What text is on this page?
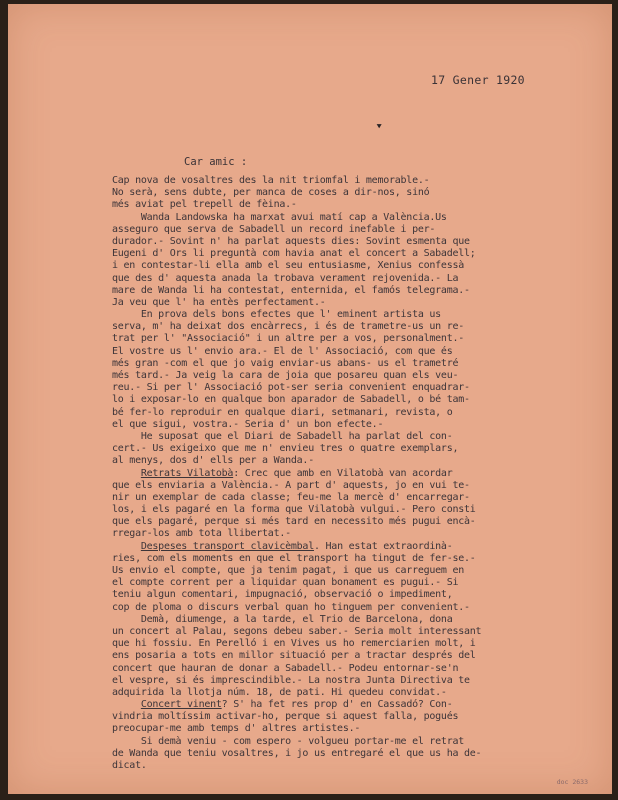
17 Gener 1920
▼
Car amic :
Cap nova de vosaltres des la nit triomfal i memorable.-
No serà, sens dubte, per manca de coses a dir-nos, sinó
més aviat pel trepell de fèina.-
Wanda Landowska ha marxat avui matí cap a València.Us
asseguro que serva de Sabadell un record inefable i per-
durador.- Sovint n' ha parlat aquests dies: Sovint esmenta que
Eugeni d' Ors li preguntà com havia anat el concert a Sabadell;
i en contestar-li ella amb el seu entusiasme, Xenius confessà
que des d' aquesta anada la trobava verament rejovenida.- La
mare de Wanda li ha contestat, enternida, el famós telegrama.-
Ja veu que l' ha entès perfectament.-
En prova dels bons efectes que l' eminent artista us
serva, m' ha deixat dos encàrrecs, i és de trametre-us un re-
trat per l' "Associació" i un altre per a vos, personalment.-
El vostre us l' envio ara.- El de l' Associació, com que és
més gran -com el que jo vaig enviar-us abans- us el trametré
més tard.- Ja veig la cara de joia que posareu quan els veu-
reu.- Si per l' Associació pot-ser seria convenient enquadrar-
lo i exposar-lo en qualque bon aparador de Sabadell, o bé tam-
bé fer-lo reproduir en qualque diari, setmanari, revista, o
el que sigui, vostra.- Seria d' un bon efecte.-
He suposat que el Diari de Sabadell ha parlat del con-
cert.- Us exigeixo que me n' envieu tres o quatre exemplars,
al menys, dos d' ells per a Wanda.-
Retrats Vilatobà: Crec que amb en Vilatobà van acordar
que els enviaria a València.- A part d' aquests, jo en vui te-
nir un exemplar de cada classe; feu-me la mercè d' encarregar-
los, i els pagaré en la forma que Vilatobà vulgui.- Pero consti
que els pagaré, perque si més tard en necessito més pugui encà-
rregar-los amb tota llibertat.-
Despeses transport clavicèmbal. Han estat extraordinà-
ries, com els moments en que el transport ha tingut de fer-se.-
Us envio el compte, que ja tenim pagat, i que us carreguem en
el compte corrent per a liquidar quan bonament es pugui.- Si
teniu algun comentari, impugnació, observació o impediment,
cop de ploma o discurs verbal quan ho tinguem per convenient.-
Demà, diumenge, a la tarde, el Trio de Barcelona, dona
un concert al Palau, segons debeu saber.- Seria molt interessant
que hi fossiu. En Perelló i en Vives us ho remerciarien molt, i
ens posaria a tots en millor situació per a tractar després del
concert que hauran de donar a Sabadell.- Podeu entornar-se'n
el vespre, si és imprescindible.- La nostra Junta Directiva te
adquirida la llotja núm. 18, de pati. Hi quedeu convidat.-
Concert vinent? S' ha fet res prop d' en Cassadó? Con-
vindria moltíssim activar-ho, perque si aquest falla, pogués
preocupar-me amb temps d' altres artistes.-
Si demà veniu - com espero - volgueu portar-me el retrat
de Wanda que teniu vosaltres, i jo us entregaré el que us ha de-
dicat.
doc 2633
